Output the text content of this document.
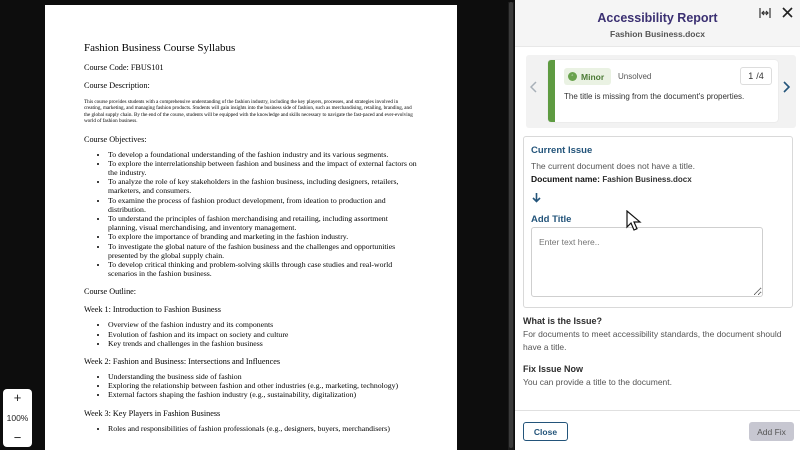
Fashion Business Course Syllabus
Course Code: FBUS101
Course Description:
This course provides students with a comprehensive understanding of the fashion industry, including the key players, processes, and strategies involved in creating, marketing, and managing fashion products. Students will gain insights into the business side of fashion, such as merchandising, retailing, branding, and the global supply chain. By the end of the course, students will be equipped with the knowledge and skills necessary to navigate the fast-paced and ever-evolving world of fashion business.
Course Objectives:
• To develop a foundational understanding of the fashion industry and its various segments.
• To explore the interrelationship between fashion and business and the impact of external factors on the industry.
• To analyze the role of key stakeholders in the fashion business, including designers, retailers, marketers, and consumers.
• To examine the process of fashion product development, from ideation to production and distribution.
• To understand the principles of fashion merchandising and retailing, including assortment planning, visual merchandising, and inventory management.
• To explore the importance of branding and marketing in the fashion industry.
• To investigate the global nature of the fashion business and the challenges and opportunities presented by the global supply chain.
• To develop critical thinking and problem-solving skills through case studies and real-world scenarios in the fashion business.
Course Outline:
Week 1: Introduction to Fashion Business
• Overview of the fashion industry and its components
• Evolution of fashion and its impact on society and culture
• Key trends and challenges in the fashion business
Week 2: Fashion and Business: Intersections and Influences
• Understanding the business side of fashion
• Exploring the relationship between fashion and other industries (e.g., marketing, technology)
• External factors shaping the fashion industry (e.g., sustainability, digitalization)
Week 3: Key Players in Fashion Business
• Roles and responsibilities of fashion professionals (e.g., designers, buyers, merchandisers)
+
100%
−
Accessibility Report
Fashion Business.docx
◦ Minor Unsolved	1 /4
The title is missing from the document's properties.
Current Issue
The current document does not have a title.
Document name: Fashion Business.docx
Add Title
Enter text here..
What is the Issue?
For documents to meet accessibility standards, the document should have a title.
Fix Issue Now
You can provide a title to the document.
Close	Add Fix
